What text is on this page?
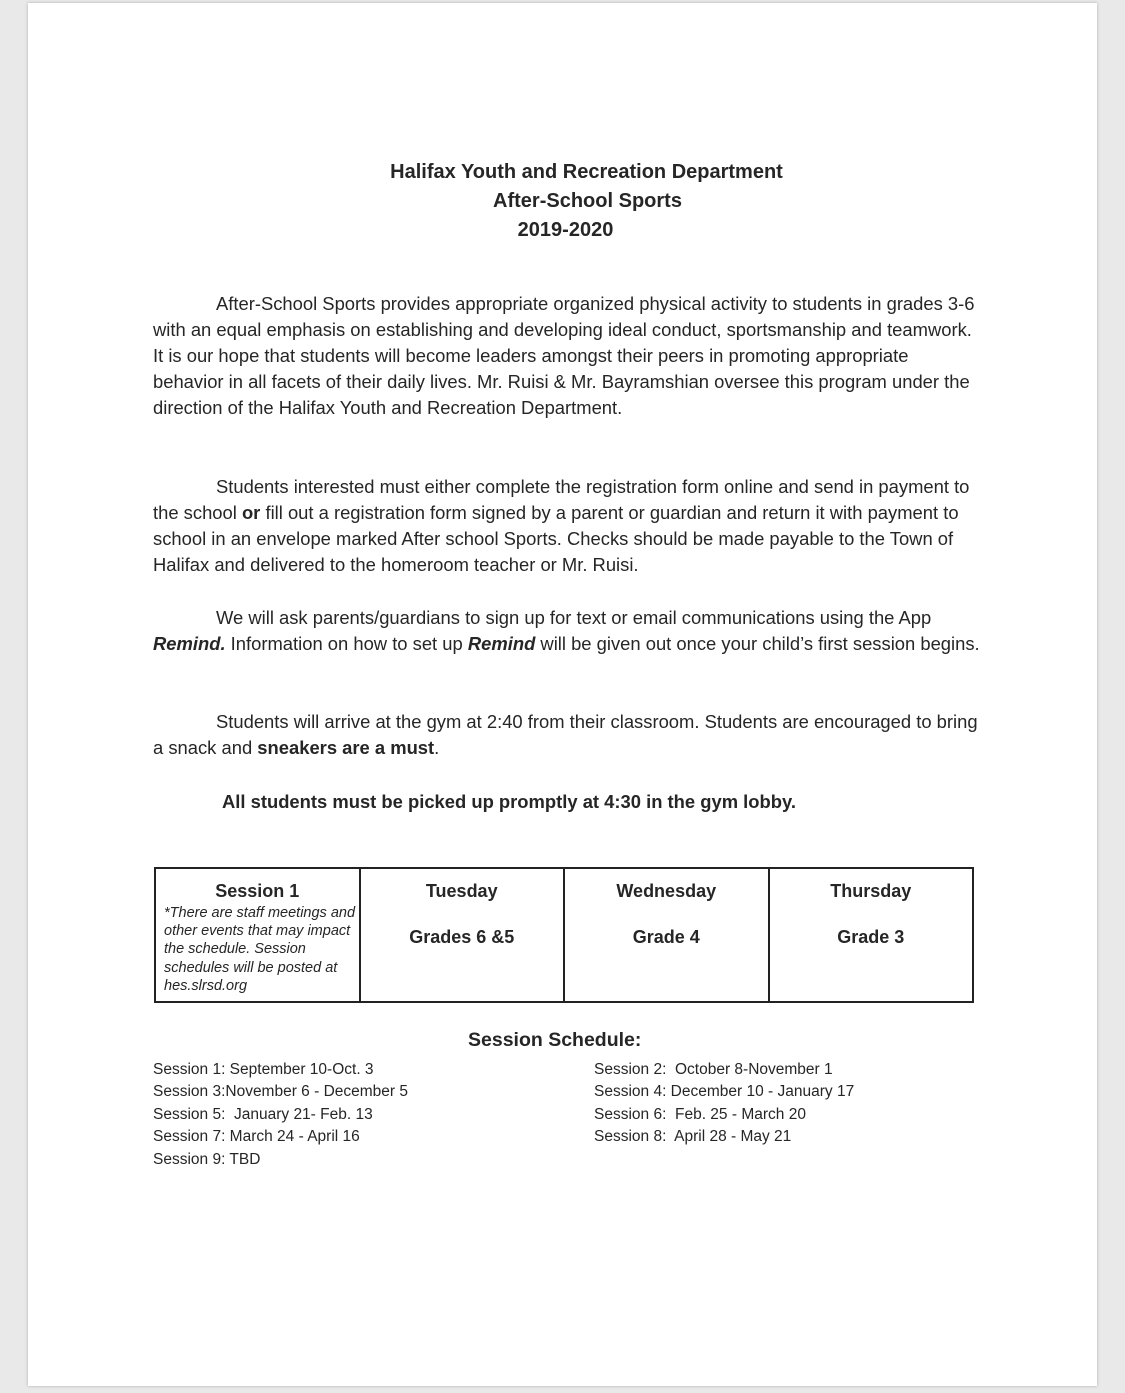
Halifax Youth and Recreation Department
After-School Sports
2019-2020

After-School Sports provides appropriate organized physical activity to students in grades 3-6 with an equal emphasis on establishing and developing ideal conduct, sportsmanship and teamwork. It is our hope that students will become leaders amongst their peers in promoting appropriate behavior in all facets of their daily lives. Mr. Ruisi & Mr. Bayramshian oversee this program under the direction of the Halifax Youth and Recreation Department.

Students interested must either complete the registration form online and send in payment to the school or fill out a registration form signed by a parent or guardian and return it with payment to school in an envelope marked After school Sports. Checks should be made payable to the Town of Halifax and delivered to the homeroom teacher or Mr. Ruisi.

We will ask parents/guardians to sign up for text or email communications using the App Remind. Information on how to set up Remind will be given out once your child’s first session begins.

Students will arrive at the gym at 2:40 from their classroom. Students are encouraged to bring a snack and sneakers are a must.

All students must be picked up promptly at 4:30 in the gym lobby.
Session 1
*There are staff meetings and other events that may impact the schedule. Session schedules will be posted at hes.slrsd.org

Tuesday
Grades 6 &5

Wednesday
Grade 4

Thursday
Grade 3
Session Schedule:
Session 1: September 10-Oct. 3
Session 3:November 6 - December 5
Session 5:  January 21- Feb. 13
Session 7: March 24 - April 16
Session 9: TBD
Session 2:  October 8-November 1
Session 4: December 10 - January 17
Session 6:  Feb. 25 - March 20
Session 8:  April 28 - May 21
